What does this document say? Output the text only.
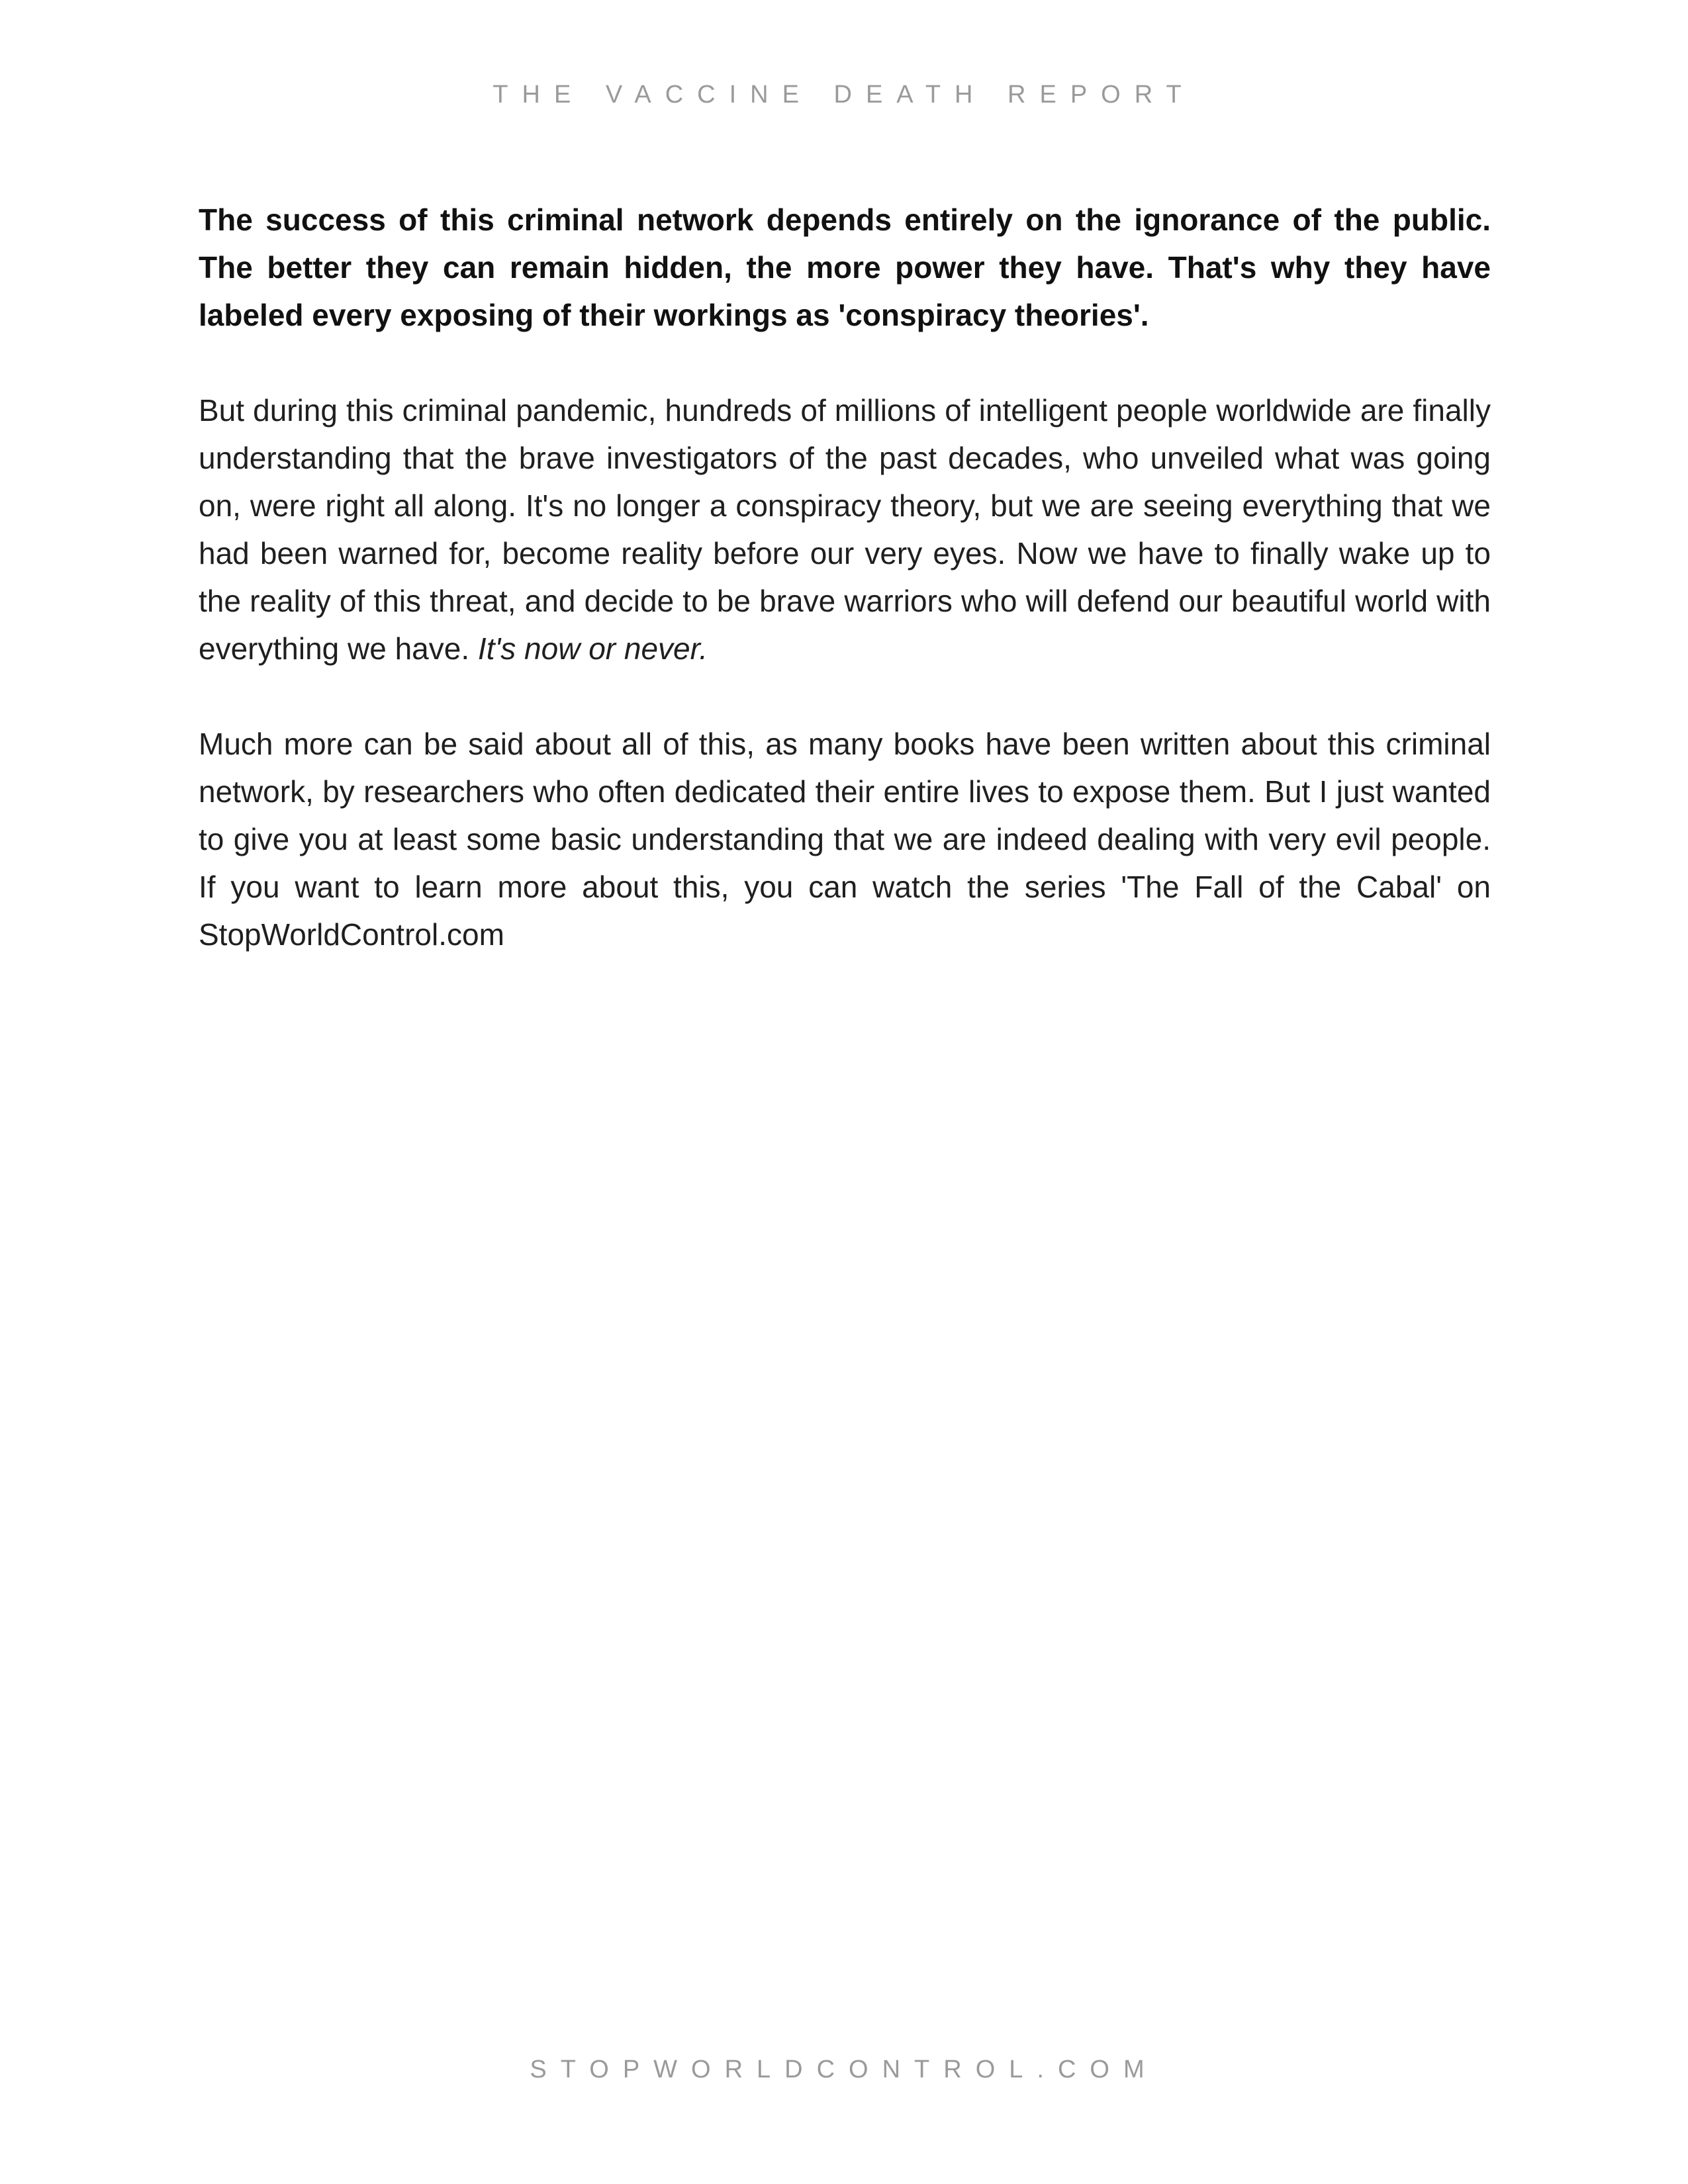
THE VACCINE DEATH REPORT

The success of this criminal network depends entirely on the ignorance of the public. The better they can remain hidden, the more power they have. That's why they have labeled every exposing of their workings as 'conspiracy theories'.

But during this criminal pandemic, hundreds of millions of intelligent people worldwide are finally understanding that the brave investigators of the past decades, who unveiled what was going on, were right all along. It's no longer a conspiracy theory, but we are seeing everything that we had been warned for, become reality before our very eyes. Now we have to finally wake up to the reality of this threat, and decide to be brave warriors who will defend our beautiful world with everything we have. It's now or never.

Much more can be said about all of this, as many books have been written about this criminal network, by researchers who often dedicated their entire lives to expose them. But I just wanted to give you at least some basic understanding that we are indeed dealing with very evil people. If you want to learn more about this, you can watch the series 'The Fall of the Cabal' on StopWorldControl.com

STOPWORLDCONTROL.COM
